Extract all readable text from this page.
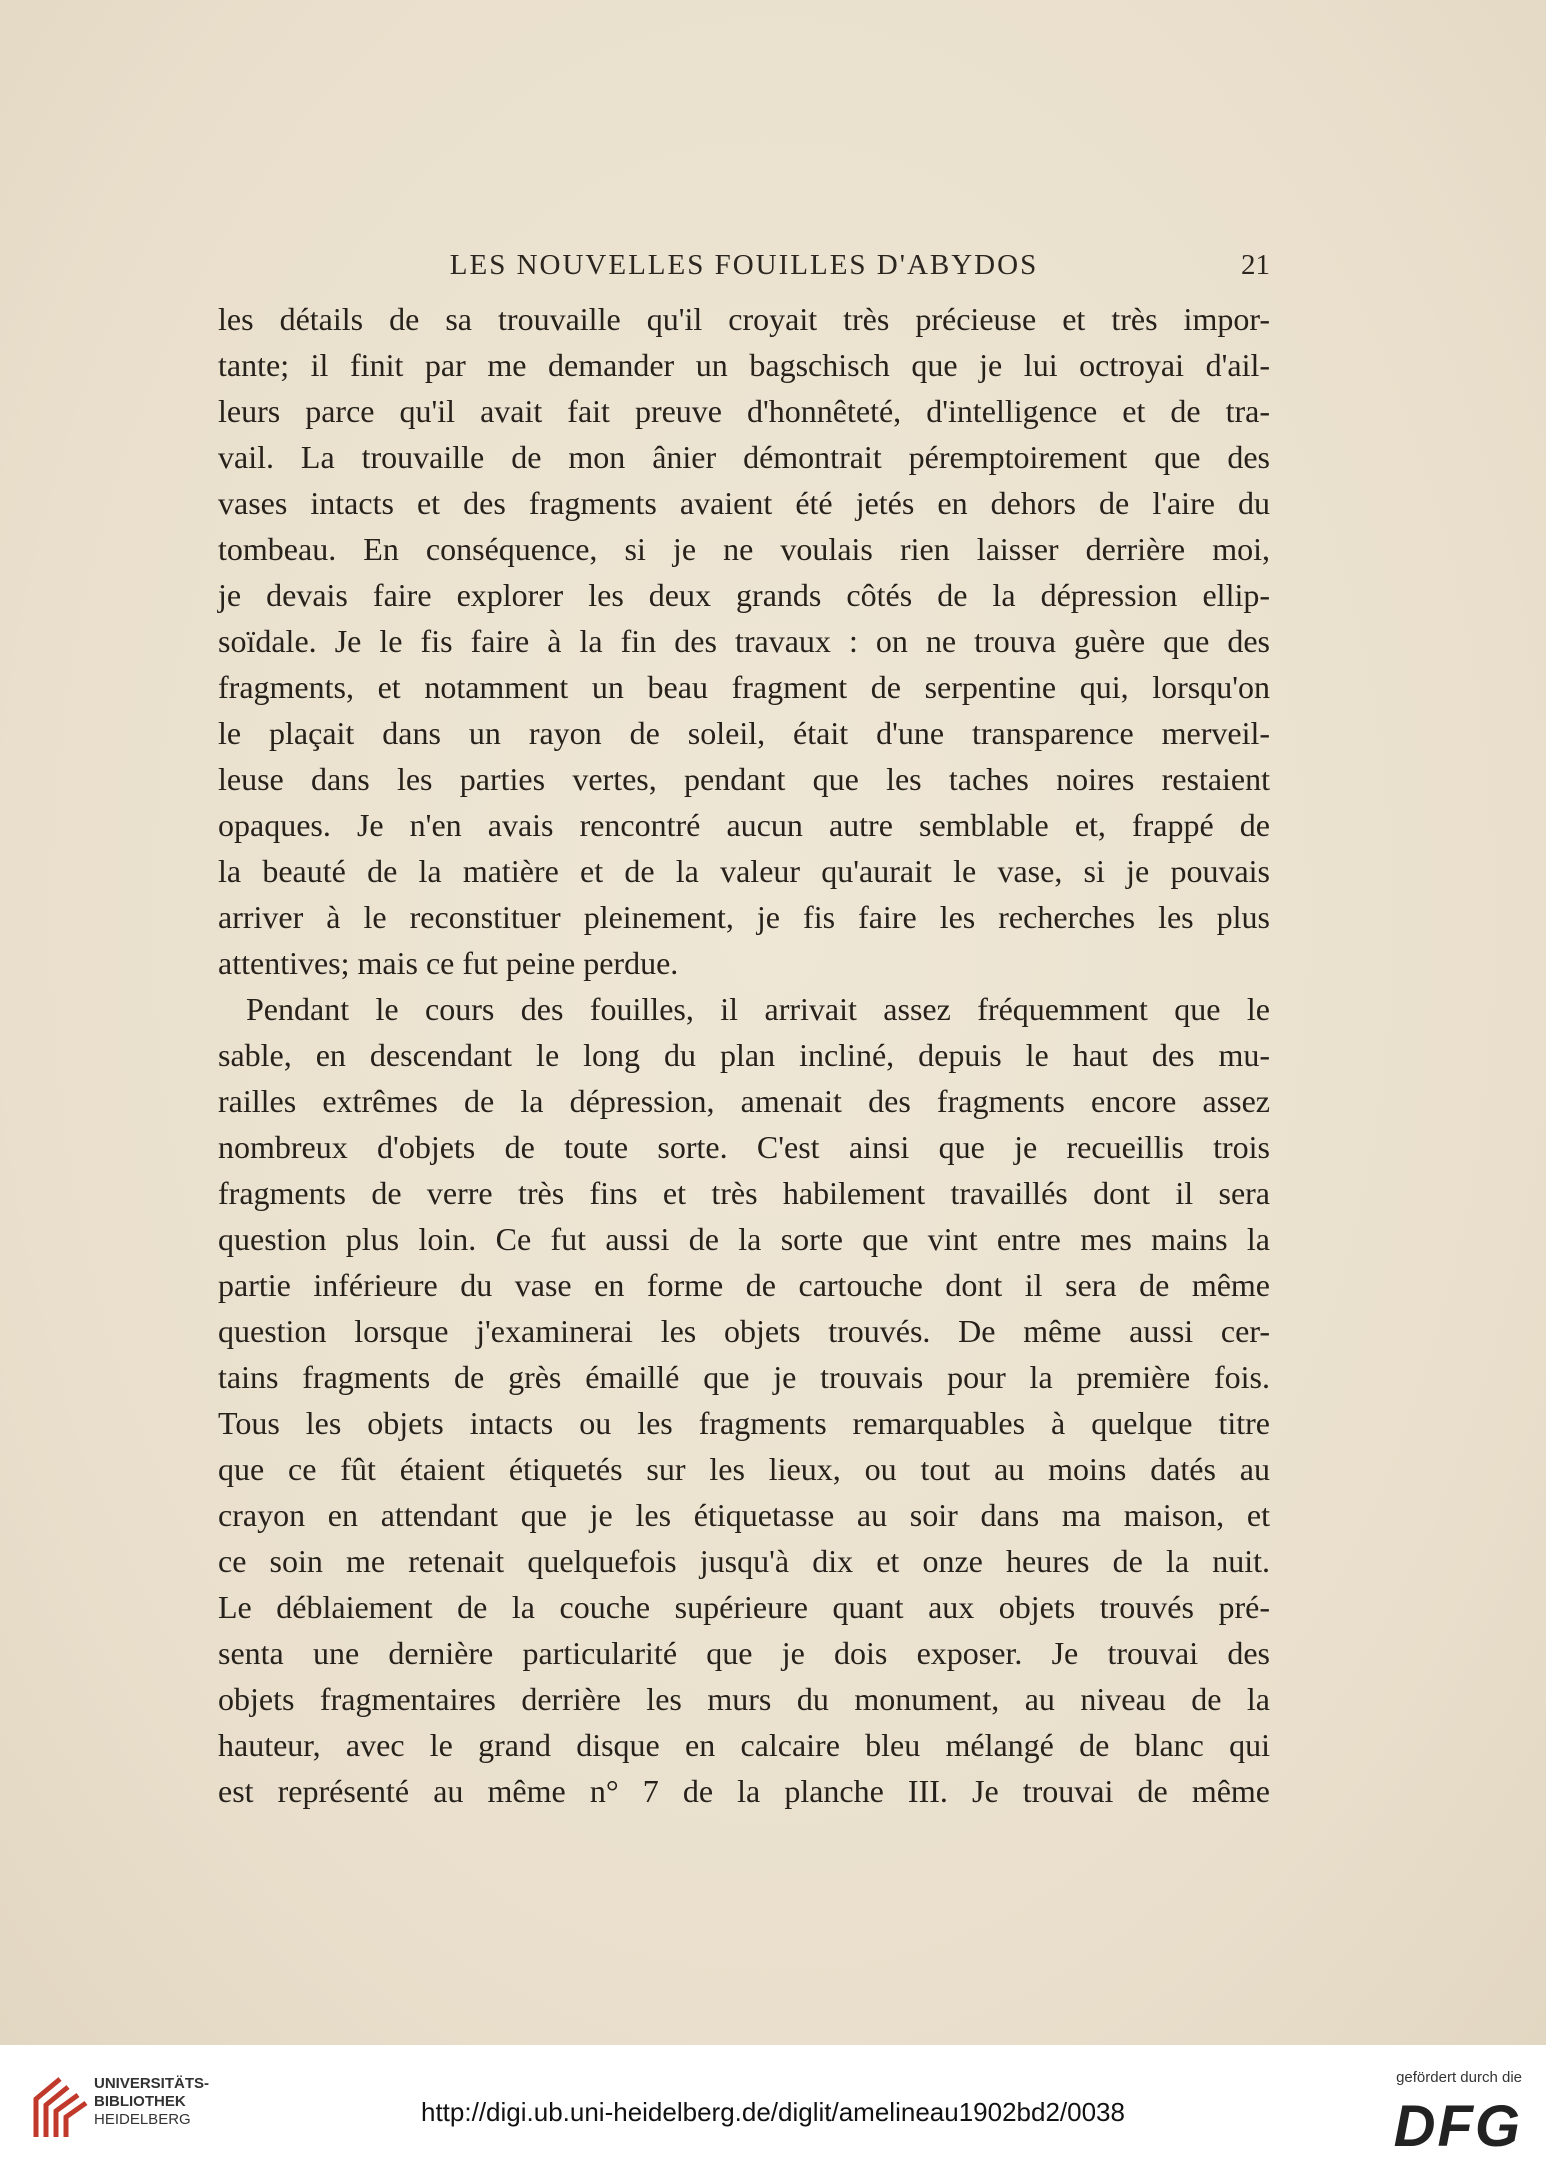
LES NOUVELLES FOUILLES D'ABYDOS	21
les détails de sa trouvaille qu'il croyait très précieuse et très impor-
tante; il finit par me demander un bagschisch que je lui octroyai d'ail-
leurs parce qu'il avait fait preuve d'honnêteté, d'intelligence et de tra-
vail. La trouvaille de mon ânier démontrait péremptoirement que des
vases intacts et des fragments avaient été jetés en dehors de l'aire du
tombeau. En conséquence, si je ne voulais rien laisser derrière moi,
je devais faire explorer les deux grands côtés de la dépression ellip-
soïdale. Je le fis faire à la fin des travaux : on ne trouva guère que des
fragments, et notamment un beau fragment de serpentine qui, lorsqu'on
le plaçait dans un rayon de soleil, était d'une transparence merveil-
leuse dans les parties vertes, pendant que les taches noires restaient
opaques. Je n'en avais rencontré aucun autre semblable et, frappé de
la beauté de la matière et de la valeur qu'aurait le vase, si je pouvais
arriver à le reconstituer pleinement, je fis faire les recherches les plus
attentives; mais ce fut peine perdue.
Pendant le cours des fouilles, il arrivait assez fréquemment que le
sable, en descendant le long du plan incliné, depuis le haut des mu-
railles extrêmes de la dépression, amenait des fragments encore assez
nombreux d'objets de toute sorte. C'est ainsi que je recueillis trois
fragments de verre très fins et très habilement travaillés dont il sera
question plus loin. Ce fut aussi de la sorte que vint entre mes mains la
partie inférieure du vase en forme de cartouche dont il sera de même
question lorsque j'examinerai les objets trouvés. De même aussi cer-
tains fragments de grès émaillé que je trouvais pour la première fois.
Tous les objets intacts ou les fragments remarquables à quelque titre
que ce fût étaient étiquetés sur les lieux, ou tout au moins datés au
crayon en attendant que je les étiquetasse au soir dans ma maison, et
ce soin me retenait quelquefois jusqu'à dix et onze heures de la nuit.
Le déblaiement de la couche supérieure quant aux objets trouvés pré-
senta une dernière particularité que je dois exposer. Je trouvai des
objets fragmentaires derrière les murs du monument, au niveau de la
hauteur, avec le grand disque en calcaire bleu mélangé de blanc qui
est représenté au même n° 7 de la planche III. Je trouvai de même
UNIVERSITÄTS-
BIBLIOTHEK
HEIDELBERG	http://digi.ub.uni-heidelberg.de/diglit/amelineau1902bd2/0038
gefördert durch die
DFG
